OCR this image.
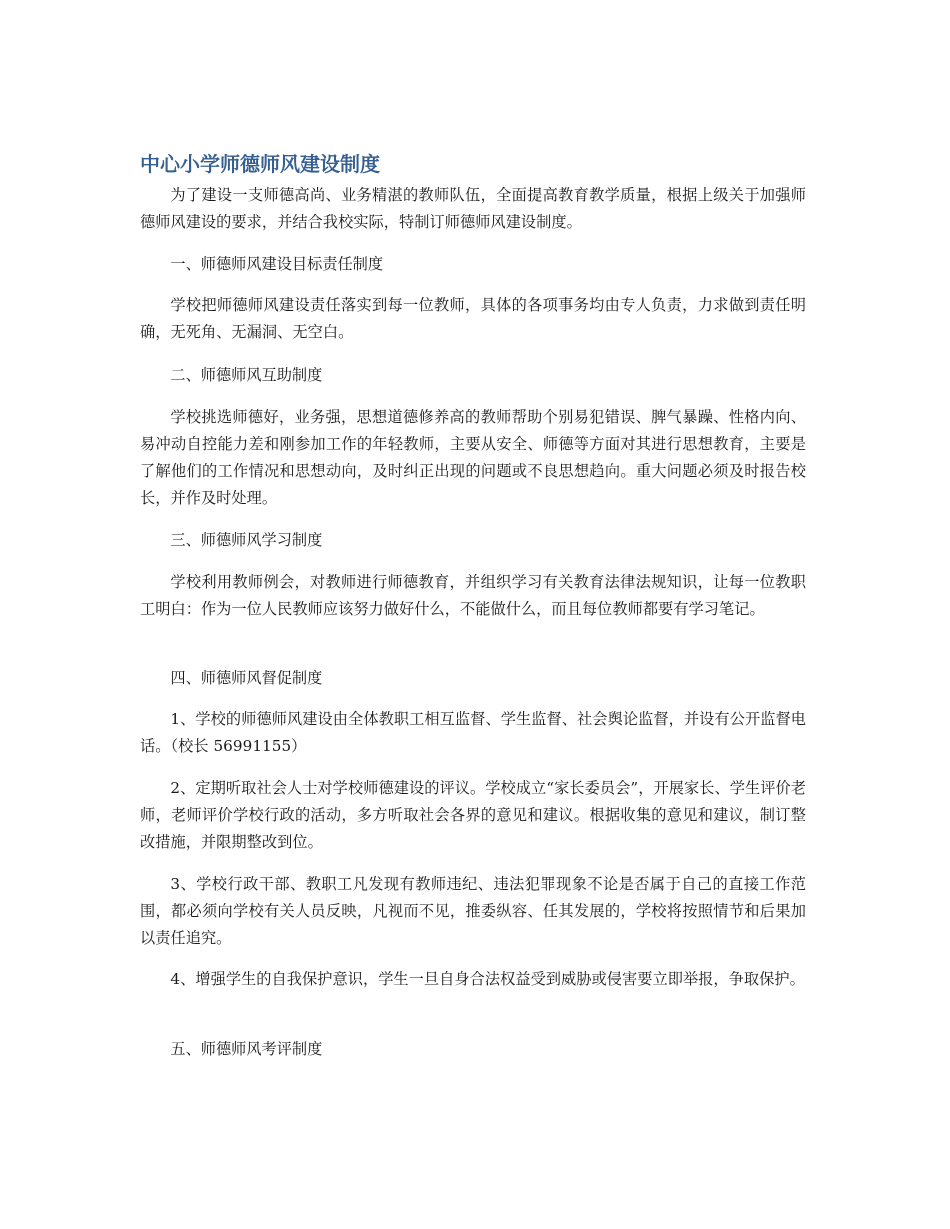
中心小学师德师风建设制度

为了建设一支师德高尚、业务精湛的教师队伍，全面提高教育教学质量，根据上级关于加强师德师风建设的要求，并结合我校实际，特制订师德师风建设制度。

一、师德师风建设目标责任制度

学校把师德师风建设责任落实到每一位教师，具体的各项事务均由专人负责，力求做到责任明确，无死角、无漏洞、无空白。

二、师德师风互助制度

学校挑选师德好，业务强，思想道德修养高的教师帮助个别易犯错误、脾气暴躁、性格内向、易冲动自控能力差和刚参加工作的年轻教师，主要从安全、师德等方面对其进行思想教育，主要是了解他们的工作情况和思想动向，及时纠正出现的问题或不良思想趋向。重大问题必须及时报告校长，并作及时处理。

三、师德师风学习制度

学校利用教师例会，对教师进行师德教育，并组织学习有关教育法律法规知识，让每一位教职工明白：作为一位人民教师应该努力做好什么，不能做什么，而且每位教师都要有学习笔记。

四、师德师风督促制度

1、学校的师德师风建设由全体教职工相互监督、学生监督、社会舆论监督，并设有公开监督电话。（校长 56991155）

2、定期听取社会人士对学校师德建设的评议。学校成立“家长委员会”，开展家长、学生评价老师，老师评价学校行政的活动，多方听取社会各界的意见和建议。根据收集的意见和建议，制订整改措施，并限期整改到位。

3、学校行政干部、教职工凡发现有教师违纪、违法犯罪现象不论是否属于自己的直接工作范围，都必须向学校有关人员反映，凡视而不见，推委纵容、任其发展的，学校将按照情节和后果加以责任追究。

4、增强学生的自我保护意识，学生一旦自身合法权益受到威胁或侵害要立即举报，争取保护。

五、师德师风考评制度
